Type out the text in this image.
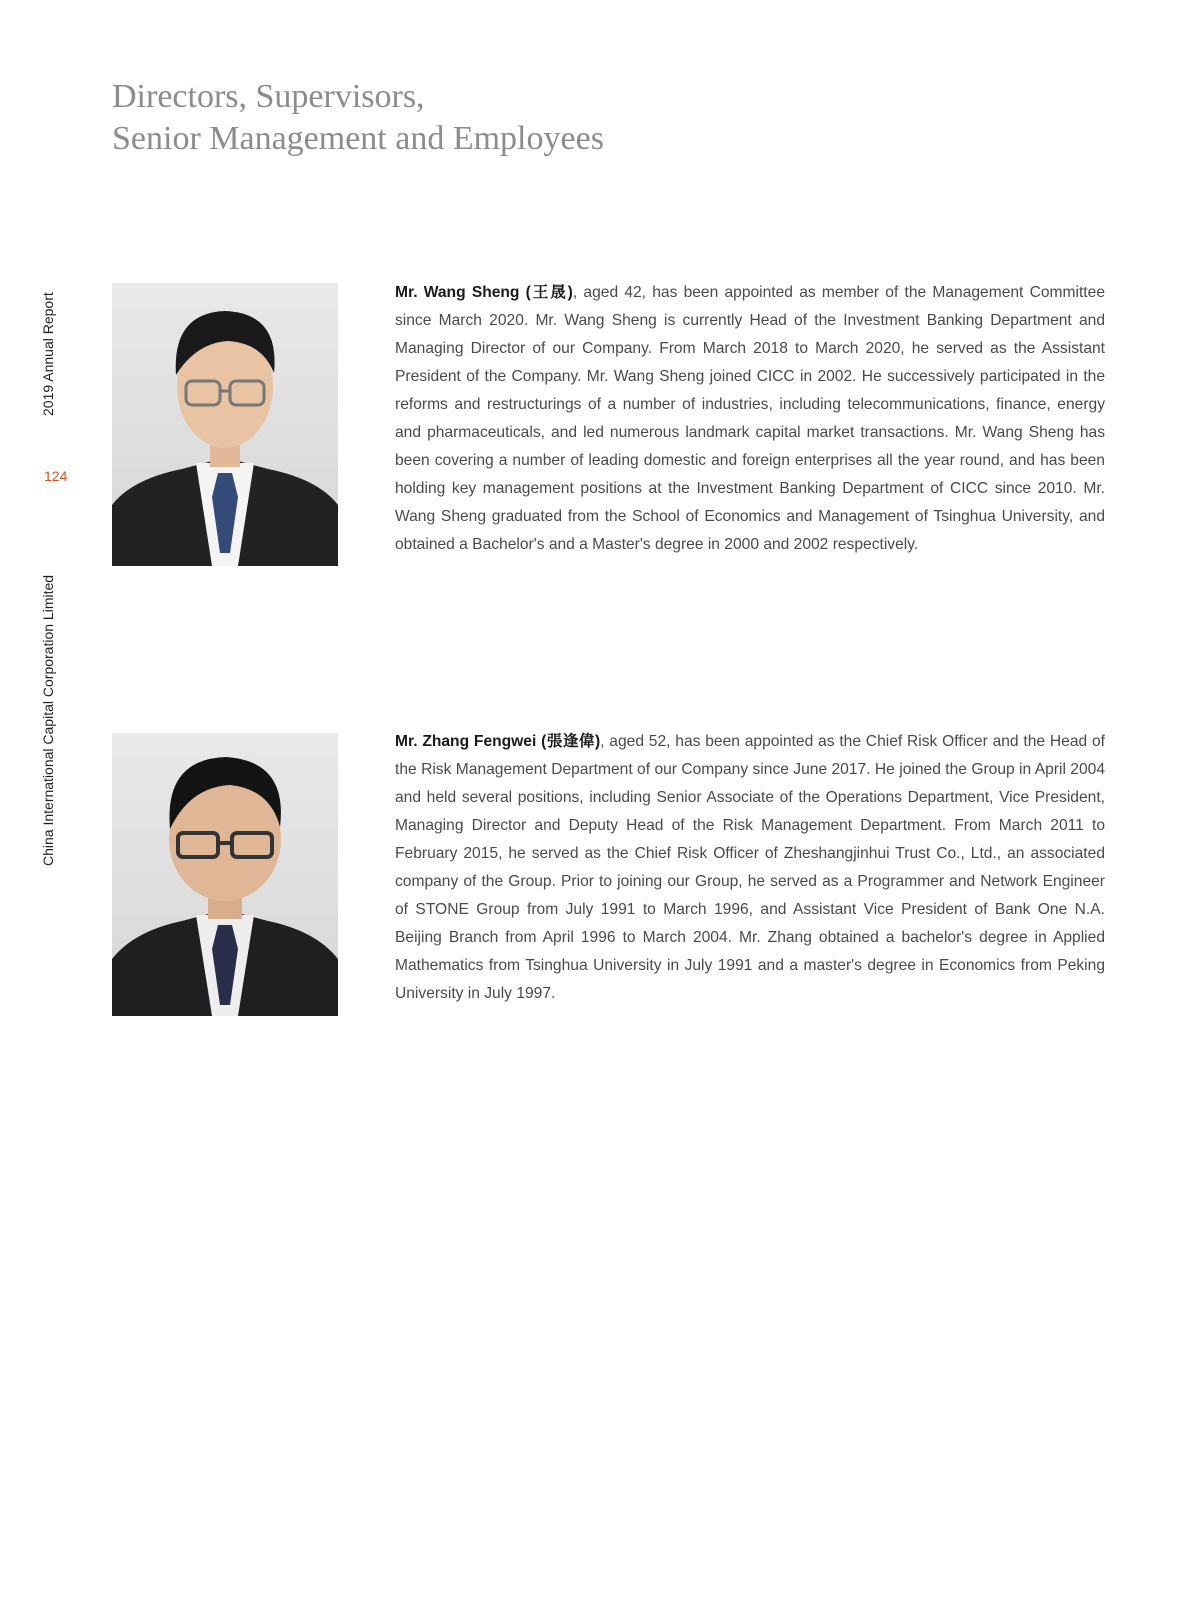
Directors, Supervisors,
Senior Management and Employees
2019 Annual Report
124
China International Capital Corporation Limited

Mr. Wang Sheng (王晟), aged 42, has been appointed as member of the Management Committee since March 2020. Mr. Wang Sheng is currently Head of the Investment Banking Department and Managing Director of our Company. From March 2018 to March 2020, he served as the Assistant President of the Company. Mr. Wang Sheng joined CICC in 2002. He successively participated in the reforms and restructurings of a number of industries, including telecommunications, finance, energy and pharmaceuticals, and led numerous landmark capital market transactions. Mr. Wang Sheng has been covering a number of leading domestic and foreign enterprises all the year round, and has been holding key management positions at the Investment Banking Department of CICC since 2010. Mr. Wang Sheng graduated from the School of Economics and Management of Tsinghua University, and obtained a Bachelor's and a Master's degree in 2000 and 2002 respectively.

Mr. Zhang Fengwei (張逢偉), aged 52, has been appointed as the Chief Risk Officer and the Head of the Risk Management Department of our Company since June 2017. He joined the Group in April 2004 and held several positions, including Senior Associate of the Operations Department, Vice President, Managing Director and Deputy Head of the Risk Management Department. From March 2011 to February 2015, he served as the Chief Risk Officer of Zheshangjinhui Trust Co., Ltd., an associated company of the Group. Prior to joining our Group, he served as a Programmer and Network Engineer of STONE Group from July 1991 to March 1996, and Assistant Vice President of Bank One N.A. Beijing Branch from April 1996 to March 2004. Mr. Zhang obtained a bachelor's degree in Applied Mathematics from Tsinghua University in July 1991 and a master's degree in Economics from Peking University in July 1997.
